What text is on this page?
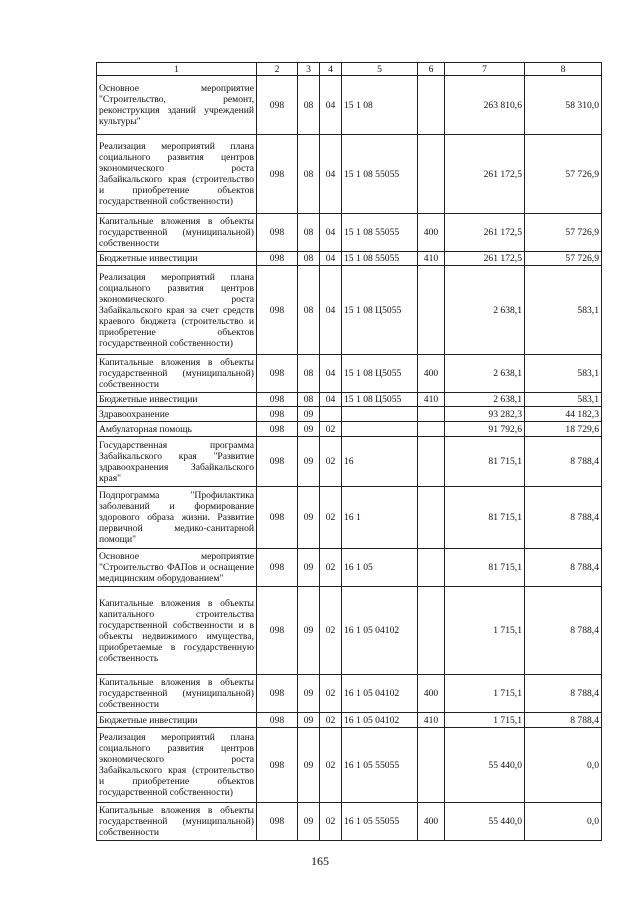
1	2	3	4	5	6	7	8
Основное мероприятие "Строительство, ремонт, реконструкция зданий учреждений культуры"	098	08	04	15 1 08		263 810,6	58 310,0
Реализация мероприятий плана социального развития центров экономического роста Забайкальского края (строительство и приобретение объектов государственной собственности)	098	08	04	15 1 08 55055		261 172,5	57 726,9
Капитальные вложения в объекты государственной (муниципальной) собственности	098	08	04	15 1 08 55055	400	261 172,5	57 726,9
Бюджетные инвестиции	098	08	04	15 1 08 55055	410	261 172,5	57 726,9
Реализация мероприятий плана социального развития центров экономического роста Забайкальского края за счет средств краевого бюджета (строительство и приобретение объектов государственной собственности)	098	08	04	15 1 08 Ц5055		2 638,1	583,1
Капитальные вложения в объекты государственной (муниципальной) собственности	098	08	04	15 1 08 Ц5055	400	2 638,1	583,1
Бюджетные инвестиции	098	08	04	15 1 08 Ц5055	410	2 638,1	583,1
Здравоохранение	098	09				93 282,3	44 182,3
Амбулаторная помощь	098	09	02			91 792,6	18 729,6
Государственная программа Забайкальского края "Развитие здравоохранения Забайкальского края"	098	09	02	16		81 715,1	8 788,4
Подпрограмма "Профилактика заболеваний и формирование здорового образа жизни. Развитие первичной медико-санитарной помощи"	098	09	02	16 1		81 715,1	8 788,4
Основное мероприятие "Строительство ФАПов и оснащение медицинским оборудованием"	098	09	02	16 1 05		81 715,1	8 788,4
Капитальные вложения в объекты капитального строительства государственной собственности и в объекты недвижимого имущества, приобретаемые в государственную собственность	098	09	02	16 1 05 04102		1 715,1	8 788,4
Капитальные вложения в объекты государственной (муниципальной) собственности	098	09	02	16 1 05 04102	400	1 715,1	8 788,4
Бюджетные инвестиции	098	09	02	16 1 05 04102	410	1 715,1	8 788,4
Реализация мероприятий плана социального развития центров экономического роста Забайкальского края (строительство и приобретение объектов государственной собственности)	098	09	02	16 1 05 55055		55 440,0	0,0
Капитальные вложения в объекты государственной (муниципальной) собственности	098	09	02	16 1 05 55055	400	55 440,0	0,0
165
